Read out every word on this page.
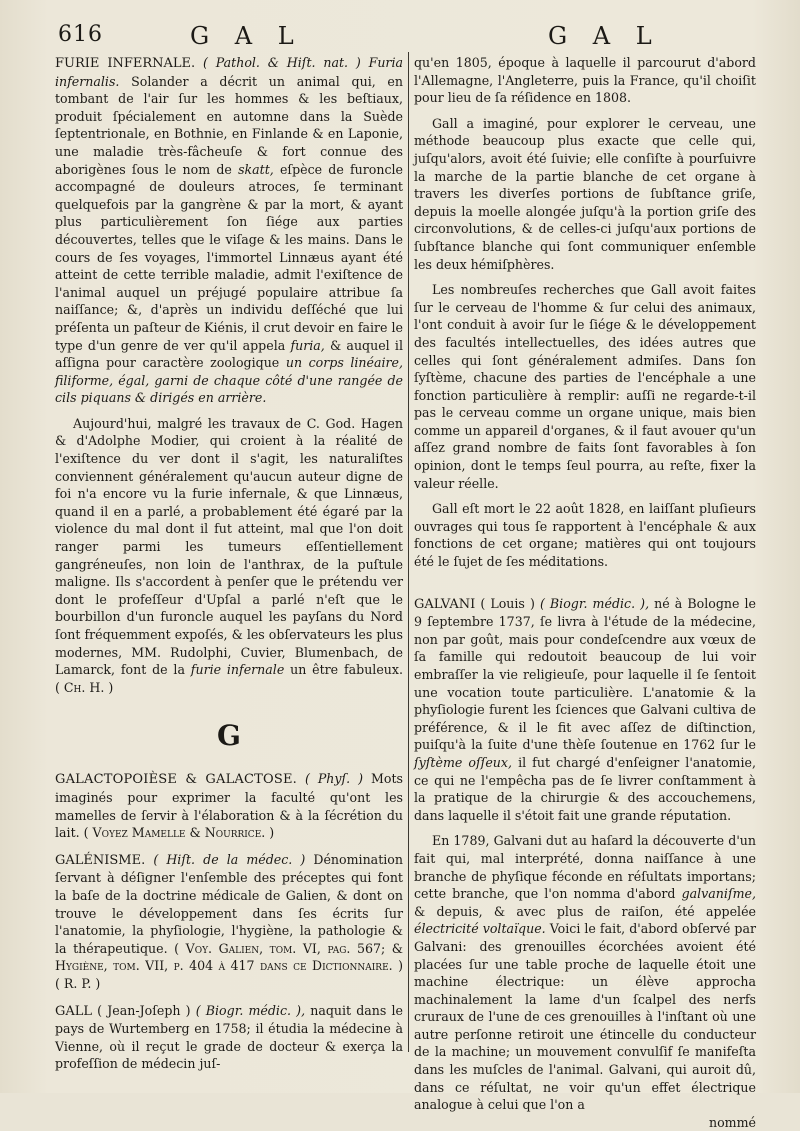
616	G A L	G A L

FURIE INFERNALE. ( Pathol. & Hiſt. nat. ) Furia infernalis. Solander a décrit un animal qui, en tombant de l'air ſur les hommes & les beſtiaux, produit ſpécialement en automne dans la Suède ſeptentrionale, en Bothnie, en Finlande & en Laponie, une maladie très-fâcheuſe & fort connue des aborigènes ſous le nom de skatt, eſpèce de furoncle accompagné de douleurs atroces, ſe terminant quelquefois par la gangrène & par la mort, & ayant plus particulièrement ſon ſiége aux parties découvertes, telles que le viſage & les mains. Dans le cours de ſes voyages, l'immortel Linnæus ayant été atteint de cette terrible maladie, admit l'exiſtence de l'animal auquel un préjugé populaire attribue ſa naiſſance; &, d'après un individu deſſéché que lui préſenta un paſteur de Kiénis, il crut devoir en faire le type d'un genre de ver qu'il appela furia, & auquel il aſſigna pour caractère zoologique un corps linéaire, filiforme, égal, garni de chaque côté d'une rangée de cils piquans & dirigés en arrière.

Aujourd'hui, malgré les travaux de C. God. Hagen & d'Adolphe Modier, qui croient à la réalité de l'exiſtence du ver dont il s'agit, les naturaliſtes conviennent généralement qu'aucun auteur digne de foi n'a encore vu la furie infernale, & que Linnæus, quand il en a parlé, a probablement été égaré par la violence du mal dont il fut atteint, mal que l'on doit ranger parmi les tumeurs eſſentiellement gangréneuſes, non loin de l'anthrax, de la puſtule maligne. Ils s'accordent à penſer que le prétendu ver dont le profeſſeur d'Upſal a parlé n'eſt que le bourbillon d'un furoncle auquel les payſans du Nord ſont fréquemment expoſés, & les obſervateurs les plus modernes, MM. Rudolphi, Cuvier, Blumenbach, de Lamarck, font de la furie infernale un être fabuleux. ( Ch. H. )

G

GALACTOPOIÈSE & GALACTOSE. ( Phyſ. ) Mots imaginés pour exprimer la faculté qu'ont les mamelles de ſervir à l'élaboration & à la ſécrétion du lait. ( Voyez Mamelle & Nourrice. )

GALÉNISME. ( Hiſt. de la médec. ) Dénomination ſervant à déſigner l'enſemble des préceptes qui font la baſe de la doctrine médicale de Galien, & dont on trouve le développement dans ſes écrits ſur l'anatomie, la phyſiologie, l'hygiène, la pathologie & la thérapeutique. ( Voy. Galien, tom. VI, pag. 567; & Hygiène, tom. VII, p. 404 à 417 dans ce Dictionnaire. ) ( R. P. )

GALL ( Jean-Joſeph ) ( Biogr. médic. ), naquit dans le pays de Wurtemberg en 1758; il étudia la médecine à Vienne, où il reçut le grade de docteur & exerça la profeſſion de médecin juſ-

qu'en 1805, époque à laquelle il parcourut d'abord l'Allemagne, l'Angleterre, puis la France, qu'il choiſit pour lieu de ſa réſidence en 1808.

Gall a imaginé, pour explorer le cerveau, une méthode beaucoup plus exacte que celle qui, juſqu'alors, avoit été ſuivie; elle conſiſte à pourſuivre la marche de la partie blanche de cet organe à travers les diverſes portions de ſubſtance griſe, depuis la moelle alongée juſqu'à la portion griſe des circonvolutions, & de celles-ci juſqu'aux portions de ſubſtance blanche qui ſont communiquer enſemble les deux hémiſphères.

Les nombreuſes recherches que Gall avoit faites ſur le cerveau de l'homme & ſur celui des animaux, l'ont conduit à avoir ſur le ſiége & le développement des facultés intellectuelles, des idées autres que celles qui ſont généralement admiſes. Dans ſon ſyſtème, chacune des parties de l'encéphale a une fonction particulière à remplir: auſſi ne regarde-t-il pas le cerveau comme un organe unique, mais bien comme un appareil d'organes, & il faut avouer qu'un aſſez grand nombre de faits ſont favorables à ſon opinion, dont le temps ſeul pourra, au reſte, fixer la valeur réelle.

Gall eſt mort le 22 août 1828, en laiſſant pluſieurs ouvrages qui tous ſe rapportent à l'encéphale & aux fonctions de cet organe; matières qui ont toujours été le ſujet de ſes méditations.

GALVANI ( Louis ) ( Biogr. médic. ), né à Bologne le 9 ſeptembre 1737, ſe livra à l'étude de la médecine, non par goût, mais pour condeſcendre aux vœux de ſa famille qui redoutoit beaucoup de lui voir embraſſer la vie religieuſe, pour laquelle il ſe ſentoit une vocation toute particulière. L'anatomie & la phyſiologie furent les ſciences que Galvani cultiva de préférence, & il le fit avec aſſez de diſtinction, puiſqu'à la ſuite d'une thèſe ſoutenue en 1762 ſur le ſyſtème oſſeux, il fut chargé d'enſeigner l'anatomie, ce qui ne l'empêcha pas de ſe livrer conſtamment à la pratique de la chirurgie & des accouchemens, dans laquelle il s'étoit fait une grande réputation.

En 1789, Galvani dut au haſard la découverte d'un fait qui, mal interprété, donna naiſſance à une branche de phyſique féconde en réſultats importans; cette branche, que l'on nomma d'abord galvaniſme, & depuis, & avec plus de raiſon, été appelée électricité voltaïque. Voici le fait, d'abord obſervé par Galvani: des grenouilles écorchées avoient été placées ſur une table proche de laquelle étoit une machine électrique: un élève approcha machinalement la lame d'un ſcalpel des nerfs cruraux de l'une de ces grenouilles à l'inſtant où une autre perſonne retiroit une étincelle du conducteur de la machine; un mouvement convulſif ſe manifeſta dans les muſcles de l'animal. Galvani, qui auroit dû, dans ce réſultat, ne voir qu'un effet électrique analogue à celui que l'on a

nommé
